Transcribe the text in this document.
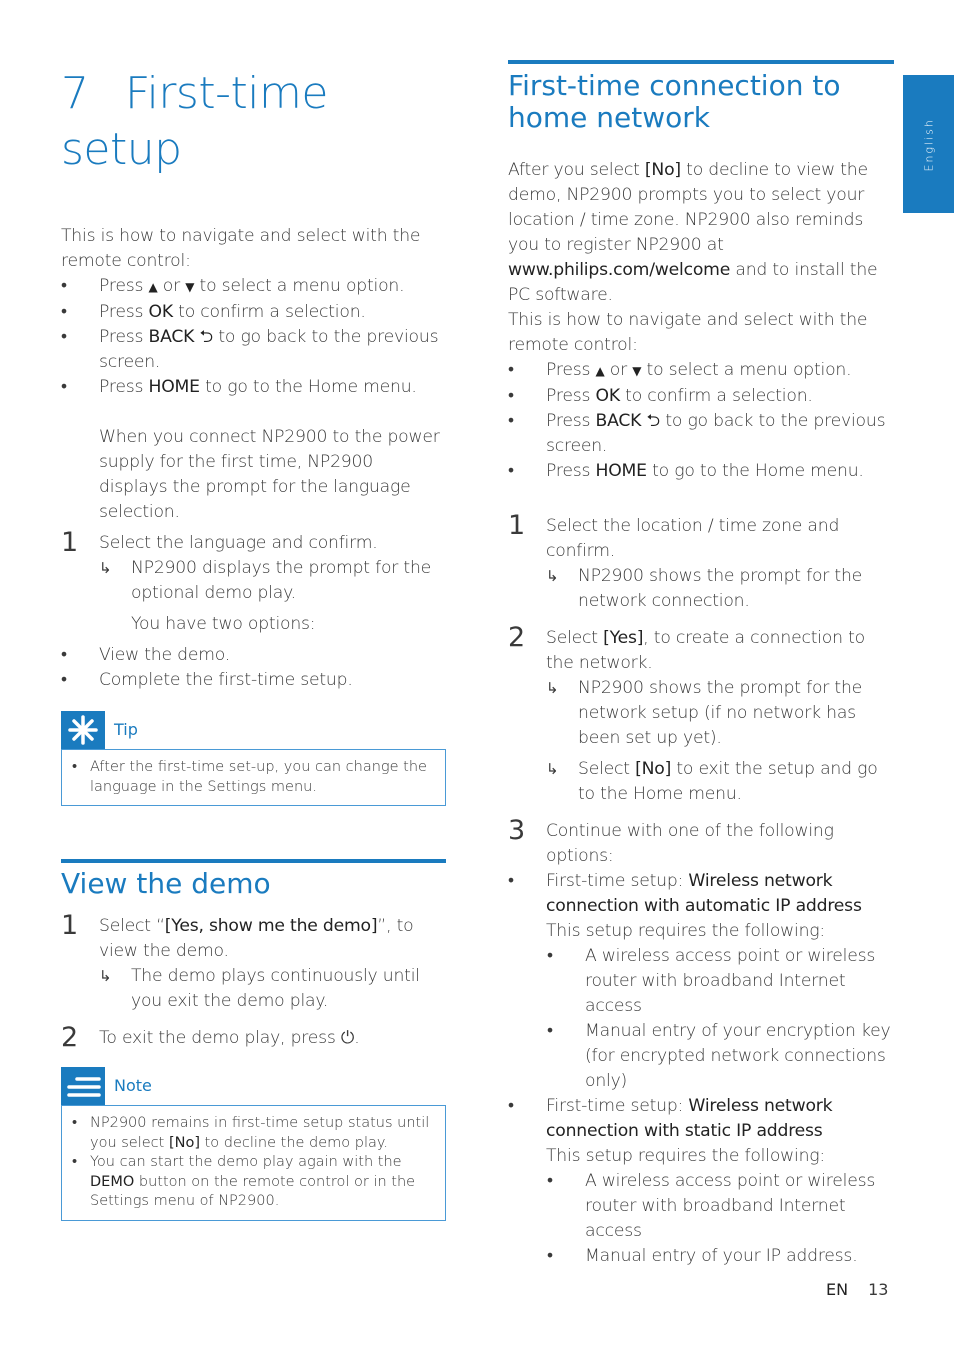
English
7 First-time setup

This is how to navigate and select with the remote control:

• Press ▲ or ▼ to select a menu option.
• Press OK to confirm a selection.
• Press BACK ⮌ to go back to the previous screen.
• Press HOME to go to the Home menu.

When you connect NP2900 to the power supply for the first time, NP2900 displays the prompt for the language selection.

1 Select the language and confirm.

↳ NP2900 displays the prompt for the optional demo play.

You have two options:

• View the demo.
• Complete the first-time setup.
Tip
• After the first-time set-up, you can change the language in the Settings menu.
View the demo
1 Select “[Yes, show me the demo]”, to view the demo.

↳ The demo plays continuously until you exit the demo play.
2 To exit the demo play, press ⏻.

Note
• NP2900 remains in first-time setup status until you select [No] to decline the demo play.
• You can start the demo play again with the DEMO button on the remote control or in the Settings menu of NP2900.
First-time connection to home network

After you select [No] to decline to view the demo, NP2900 prompts you to select your location / time zone. NP2900 also reminds you to register NP2900 at www.philips.com/welcome and to install the PC software.

This is how to navigate and select with the remote control:

• Press ▲ or ▼ to select a menu option.
• Press OK to confirm a selection.
• Press BACK ⮌ to go back to the previous screen.
• Press HOME to go to the Home menu.
1 Select the location / time zone and confirm.

↳ NP2900 shows the prompt for the network connection.
2 Select [Yes], to create a connection to the network.

↳ NP2900 shows the prompt for the network setup (if no network has been set up yet).
↳ Select [No] to exit the setup and go to the Home menu.
3 Continue with one of the following options:

• First-time setup: Wireless network connection with automatic IP address
This setup requires the following:
• A wireless access point or wireless router with broadband Internet access
• Manual entry of your encryption key (for encrypted network connections only)
• First-time setup: Wireless network connection with static IP address
This setup requires the following:
• A wireless access point or wireless router with broadband Internet access
• Manual entry of your IP address.
EN 13
